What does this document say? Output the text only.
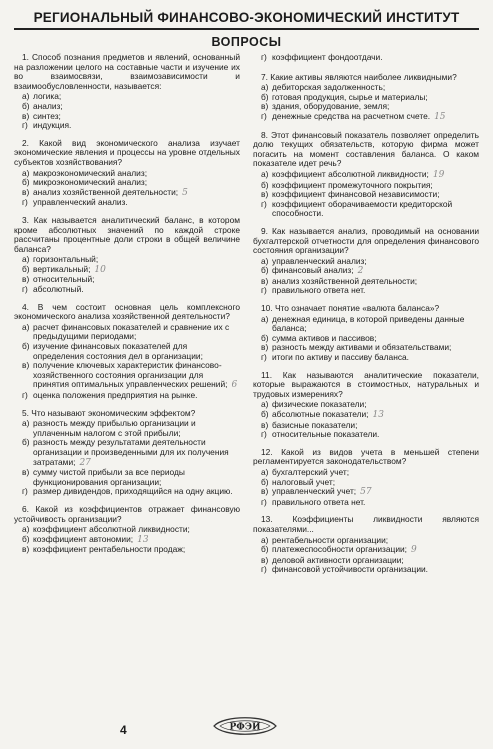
РЕГИОНАЛЬНЫЙ ФИНАНСОВО-ЭКОНОМИЧЕСКИЙ ИНСТИТУТ
ВОПРОСЫ
1. Способ познания предметов и явлений, основанный на разложении целого на составные части и изучение их во взаимосвязи, взаимозависимости и взаимообусловленности, называется:
а) логика;
б) анализ;
в) синтез;
г) индукция.
2. Какой вид экономического анализа изучает экономические явления и процессы на уровне отдельных субъектов хозяйствования?
а) макроэкономический анализ;
б) микроэкономический анализ;
в) анализ хозяйственной деятельности; 5
г) управленческий анализ.
3. Как называется аналитический баланс, в котором кроме абсолютных значений по каждой строке рассчитаны процентные доли строки в общей величине баланса?
а) горизонтальный;
б) вертикальный; 10
в) относительный;
г) абсолютный.
4. В чем состоит основная цель комплексного экономического анализа хозяйственной деятельности?
а) расчет финансовых показателей и сравнение их с предыдущими периодами;
б) изучение финансовых показателей для определения состояния дел в организации;
в) получение ключевых характеристик финансово-хозяйственного состояния организации для принятия оптимальных управленческих решений; 6
г) оценка положения предприятия на рынке.
5. Что называют экономическим эффектом?
а) разность между прибылью организации и уплаченным налогом с этой прибыли;
б) разность между результатами деятельности организации и произведенными для их получения затратами; 27
в) сумму чистой прибыли за все периоды функционирования организации;
г) размер дивидендов, приходящийся на одну акцию.
6. Какой из коэффициентов отражает финансовую устойчивость организации?
а) коэффициент абсолютной ликвидности;
б) коэффициент автономии; 13
в) коэффициент рентабельности продаж;
г) коэффициент фондоотдачи.
7. Какие активы являются наиболее ликвидными?
а) дебиторская задолженность;
б) готовая продукция, сырье и материалы;
в) здания, оборудование, земля;
г) денежные средства на расчетном счете. 15
8. Этот финансовый показатель позволяет определить долю текущих обязательств, которую фирма может погасить на момент составления баланса. О каком показателе идет речь?
а) коэффициент абсолютной ликвидности; 19
б) коэффициент промежуточного покрытия;
в) коэффициент финансовой независимости;
г) коэффициент оборачиваемости кредиторской способности.
9. Как называется анализ, проводимый на основании бухгалтерской отчетности для определения финансового состояния организации?
а) управленческий анализ;
б) финансовый анализ; 2
в) анализ хозяйственной деятельности;
г) правильного ответа нет.
10. Что означает понятие «валюта баланса»?
а) денежная единица, в которой приведены данные баланса;
б) сумма активов и пассивов;
в) разность между активами и обязательствами;
г) итоги по активу и пассиву баланса.
11. Как называются аналитические показатели, которые выражаются в стоимостных, натуральных и трудовых измерениях?
а) физические показатели;
б) абсолютные показатели; 13
в) базисные показатели;
г) относительные показатели.
12. Какой из видов учета в меньшей степени регламентируется законодательством?
а) бухгалтерский учет;
б) налоговый учет;
в) управленческий учет; 57
г) правильного ответа нет.
13. Коэффициенты ликвидности являются показателями...
а) рентабельности организации;
б) платежеспособности организации; 9
в) деловой активности организации;
г) финансовой устойчивости организации.
4	РФЭИ
